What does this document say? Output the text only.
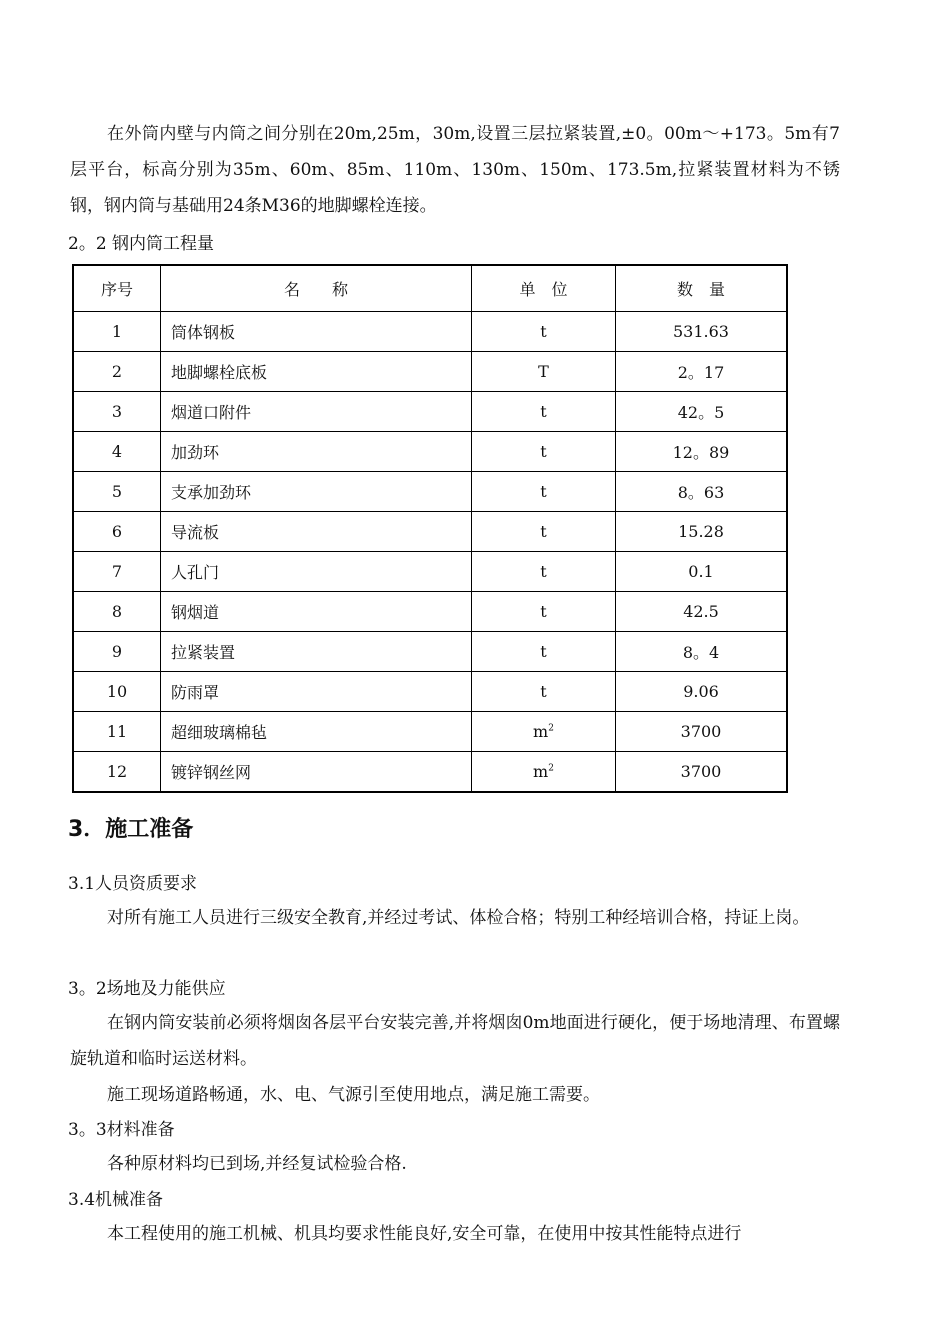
在外筒内壁与内筒之间分别在20m,25m，30m,设置三层拉紧装置,±0。00m～+173。5m有7层平台，标高分别为35m、60m、85m、110m、130m、150m、173.5m,拉紧装置材料为不锈钢，钢内筒与基础用24条M36的地脚螺栓连接。

2。2 钢内筒工程量

序号	名　　称	单　位	数　量
1	筒体钢板	t	531.63
2	地脚螺栓底板	T	2。17
3	烟道口附件	t	42。5
4	加劲环	t	12。89
5	支承加劲环	t	8。63
6	导流板	t	15.28
7	人孔门	t	0.1
8	钢烟道	t	42.5
9	拉紧装置	t	8。4
10	防雨罩	t	9.06
11	超细玻璃棉毡	$m^2$	3700
12	镀锌钢丝网	$m^2$	3700
3．施工准备

3.1人员资质要求

对所有施工人员进行三级安全教育,并经过考试、体检合格；特别工种经培训合格，持证上岗。

3。2场地及力能供应

在钢内筒安装前必须将烟囱各层平台安装完善,并将烟囱0m地面进行硬化，便于场地清理、布置螺旋轨道和临时运送材料。

施工现场道路畅通，水、电、气源引至使用地点，满足施工需要。

3。3材料准备

各种原材料均已到场,并经复试检验合格.

3.4机械准备

本工程使用的施工机械、机具均要求性能良好,安全可靠，在使用中按其性能特点进行
